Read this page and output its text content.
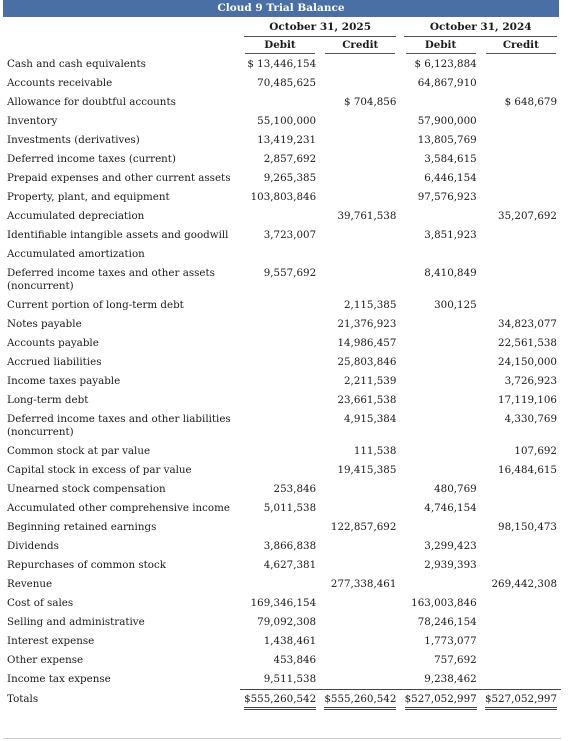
Cloud 9 Trial Balance

	October 31, 2025		October 31, 2024	

	Debit	Credit	Debit	Credit
Cash and cash equivalents	$ 13,446,154		$ 6,123,884	
Accounts receivable	70,485,625		64,867,910	
Allowance for doubtful accounts		$ 704,856		$ 648,679
Inventory	55,100,000		57,900,000	
Investments (derivatives)	13,419,231		13,805,769	
Deferred income taxes (current)	2,857,692		3,584,615	
Prepaid expenses and other current assets	9,265,385		6,446,154	
Property, plant, and equipment	103,803,846		97,576,923	
Accumulated depreciation		39,761,538		35,207,692
Identifiable intangible assets and goodwill	3,723,007		3,851,923	
Accumulated amortization				
Deferred income taxes and other assets (noncurrent)	9,557,692		8,410,849	
Current portion of long-term debt		2,115,385	300,125	
Notes payable		21,376,923		34,823,077
Accounts payable		14,986,457		22,561,538
Accrued liabilities		25,803,846		24,150,000
Income taxes payable		2,211,539		3,726,923
Long-term debt		23,661,538		17,119,106
Deferred income taxes and other liabilities (noncurrent)		4,915,384		4,330,769
Common stock at par value		111,538		107,692
Capital stock in excess of par value		19,415,385		16,484,615
Unearned stock compensation	253,846		480,769	
Accumulated other comprehensive income	5,011,538		4,746,154	
Beginning retained earnings		122,857,692		98,150,473
Dividends	3,866,838		3,299,423	
Repurchases of common stock	4,627,381		2,939,393	
Revenue		277,338,461		269,442,308
Cost of sales	169,346,154		163,003,846	
Selling and administrative	79,092,308		78,246,154	
Interest expense	1,438,461		1,773,077	
Other expense	453,846		757,692	
Income tax expense	9,511,538		9,238,462	
Totals	$555,260,542	$555,260,542	$527,052,997	$527,052,997
